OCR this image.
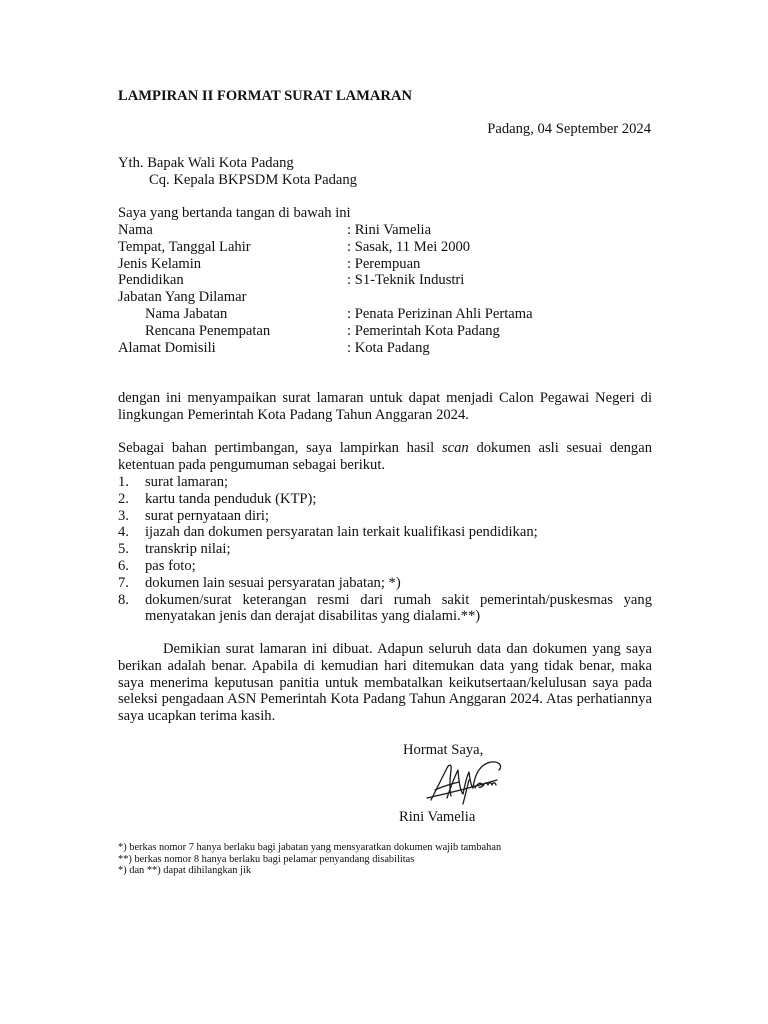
LAMPIRAN II FORMAT SURAT LAMARAN
Padang, 04 September 2024
Yth. Bapak Wali Kota Padang
Cq. Kepala BKPSDM Kota Padang
Saya yang bertanda tangan di bawah ini
Nama	: Rini Vamelia
Tempat, Tanggal Lahir	: Sasak, 11 Mei 2000
Jenis Kelamin	: Perempuan
Pendidikan	: S1-Teknik Industri
Jabatan Yang Dilamar
Nama Jabatan	: Penata Perizinan Ahli Pertama
Rencana Penempatan	: Pemerintah Kota Padang
Alamat Domisili	: Kota Padang
dengan ini menyampaikan surat lamaran untuk dapat menjadi Calon Pegawai Negeri di lingkungan Pemerintah Kota Padang Tahun Anggaran 2024.
Sebagai bahan pertimbangan, saya lampirkan hasil scan dokumen asli sesuai dengan ketentuan pada pengumuman sebagai berikut.
1. surat lamaran;
2. kartu tanda penduduk (KTP);
3. surat pernyataan diri;
4. ijazah dan dokumen persyaratan lain terkait kualifikasi pendidikan;
5. transkrip nilai;
6. pas foto;
7. dokumen lain sesuai persyaratan jabatan; *)
8. dokumen/surat keterangan resmi dari rumah sakit pemerintah/puskesmas yang menyatakan jenis dan derajat disabilitas yang dialami.**)
Demikian surat lamaran ini dibuat. Adapun seluruh data dan dokumen yang saya berikan adalah benar. Apabila di kemudian hari ditemukan data yang tidak benar, maka saya menerima keputusan panitia untuk membatalkan keikutsertaan/kelulusan saya pada seleksi pengadaan ASN Pemerintah Kota Padang Tahun Anggaran 2024. Atas perhatiannya saya ucapkan terima kasih.
Hormat Saya,
Rini Vamelia
*) berkas nomor 7 hanya berlaku bagi jabatan yang mensyaratkan dokumen wajib tambahan
**) berkas nomor 8 hanya berlaku bagi pelamar penyandang disabilitas
*) dan **) dapat dihilangkan jik
